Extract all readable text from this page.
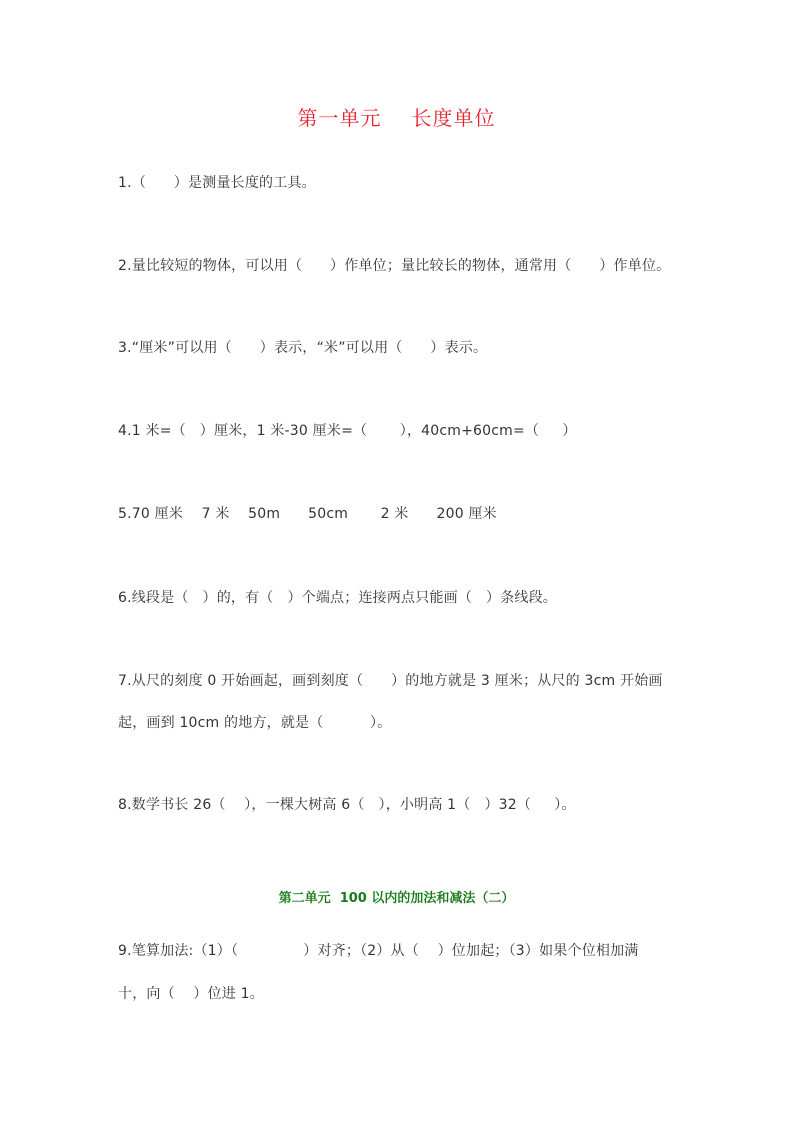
第一单元 长度单位
1.（      ）是测量长度的工具。
2.量比较短的物体，可以用（      ）作单位；量比较长的物体，通常用（      ）作单位。
3.“厘米”可以用（      ）表示，“米”可以用（      ）表示。
4.1 米=（   ）厘米，1 米-30 厘米=（       ），40cm+60cm=（     ）
5.70 厘米    7 米    50m      50cm       2 米      200 厘米
6.线段是（   ）的，有（   ）个端点；连接两点只能画（   ）条线段。
7.从尺的刻度 0 开始画起，画到刻度（      ）的地方就是 3 厘米；从尺的 3cm 开始画
起，画到 10cm 的地方，就是（          ）。
8.数学书长 26（    ），一棵大树高 6（   ），小明高 1（   ）32（     ）。
第二单元  100 以内的加法和减法（二）
9.笔算加法:（1）（              ）对齐；（2）从（    ）位加起；（3）如果个位相加满
十，向（    ）位进 1。
